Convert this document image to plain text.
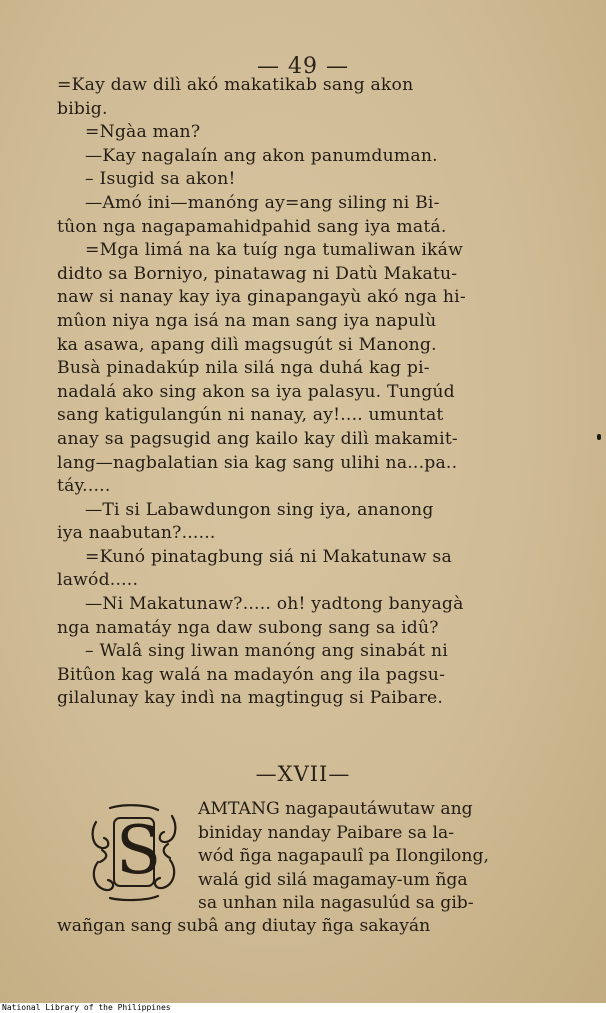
— 49 —
=Kay daw dilì akó makatikab sang akon
bibig.
=Ngàa man?
—Kay nagalaín ang akon panumduman.
– Isugid sa akon!
—Amó ini—manóng ay=ang siling ni Bi-
tûon nga nagapamahidpahid sang iya matá.
=Mga limá na ka tuíg nga tumaliwan ikáw
didto sa Borniyo, pinatawag ni Datù Makatu-
naw si nanay kay iya ginapangayù akó nga hi-
mûon niya nga isá na man sang iya napulù
ka asawa, apang dilì magsugút si Manong.
Busà pinadakúp nila silá nga duhá kag pi-
nadalá ako sing akon sa iya palasyu. Tungúd
sang katigulangún ni nanay, ay!.... umuntat
anay sa pagsugid ang kailo kay dilì makamit-
lang—nagbalatian sia kag sang ulihi na...pa..
táy.....
—Ti si Labawdungon sing iya, ananong
iya naabutan?......
=Kunó pinatagbung siá ni Makatunaw sa
lawód.....
—Ni Makatunaw?..... oh! yadtong banyagà
nga namatáy nga daw subong sang sa idû?
– Walâ sing liwan manóng ang sinabát ni
Bitûon kag walá na madayón ang ila pagsu-
gilalunay kay indì na magtingug si Paibare.
—XVII—
S
AMTANG nagapautáwutaw ang
biniday nanday Paibare sa la-
wód ñga nagapaulî pa Ilongilong,
walá gid silá magamay-um ñga
sa unhan nila nagasulúd sa gib-
wañgan sang subâ ang diutay ñga sakayán
National Library of the Philippines
